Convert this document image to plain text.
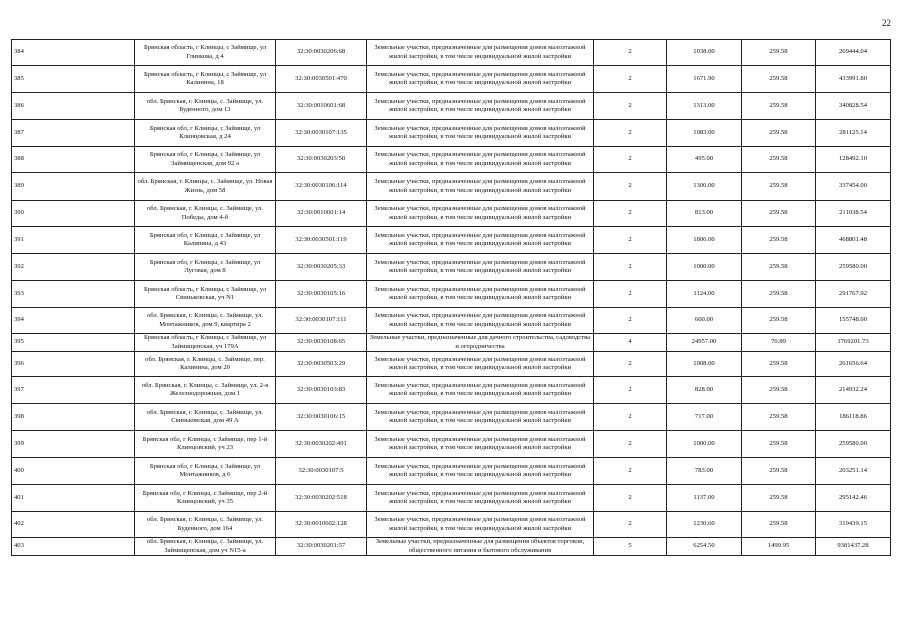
22
384	Брянская область, г Клинцы, с Займище, ул Глинкова, д 4	32:30:0030206:68	Земельные участки, предназначенные для размещения домов малоэтажной жилой застройки, в том числе индивидуальной жилой застройки	2	1038.00	259.58	269444.04
385	Брянская область, г Клинцы, с Займище, ул Калинина, 18	32:30:0030501:470	Земельные участки, предназначенные для размещения домов малоэтажной жилой застройки, в том числе индивидуальной жилой застройки	2	1671.90	259.58	433991.80
386	обл. Брянская, г. Клинцы, с. Займище, ул. Буденного, дом 13	32:30:0010601:68	Земельные участки, предназначенные для размещения домов малоэтажной жилой застройки, в том числе индивидуальной жилой застройки	2	1313.00	259.58	340828.54
387	Брянская обл, г Клинцы, с Займище, ул Клинцовская, д 24	32:30:0030107:135	Земельные участки, предназначенные для размещения домов малоэтажной жилой застройки, в том числе индивидуальной жилой застройки	2	1083.00	259.58	281125.14
388	Брянская обл, г Клинцы, с Займище, ул Займищенская, дом 92 а	32:30:0030203:50	Земельные участки, предназначенные для размещения домов малоэтажной жилой застройки, в том числе индивидуальной жилой застройки	2	495.00	259.58	128492.10
389	обл. Брянская, г. Клинцы, с. Займище, ул. Новая Жизнь, дом 58	32:30:0030106:114	Земельные участки, предназначенные для размещения домов малоэтажной жилой застройки, в том числе индивидуальной жилой застройки	2	1300.00	259.58	337454.00
390	обл. Брянская, г. Клинцы, с. Займище, ул. Победы, дом 4-б	32:30:0010601:14	Земельные участки, предназначенные для размещения домов малоэтажной жилой застройки, в том числе индивидуальной жилой застройки	2	813.00	259.58	211038.54
391	Брянская обл, г Клинцы, с Займище, ул Калинина, д 43	32:30:0030501:119	Земельные участки, предназначенные для размещения домов малоэтажной жилой застройки, в том числе индивидуальной жилой застройки	2	1806.00	259.58	468801.48
392	Брянская обл, г Клинцы, с Займище, ул Луговая, дом 8	32:30:0030205:33	Земельные участки, предназначенные для размещения домов малоэтажной жилой застройки, в том числе индивидуальной жилой застройки	2	1000.00	259.58	259580.00
393	Брянская область, г Клинцы, с Займище, ул Свиньковская, уч N1	32:30:0030105:16	Земельные участки, предназначенные для размещения домов малоэтажной жилой застройки, в том числе индивидуальной жилой застройки	2	1124.00	259.58	291767.92
394	обл. Брянская, г. Клинцы, с. Займище, ул. Монтажников, дом 9, квартира 2	32:30:0030107:111	Земельные участки, предназначенные для размещения домов малоэтажной жилой застройки, в том числе индивидуальной жилой застройки	2	600.00	259.58	155748.00
395	Брянская область, г Клинцы, с Займище, ул Займищенская, уч 179А	32:30:0030108:65	Земельные участки, предназначенные для дачного строительства, садоводства и огородничества	4	24957.00	70.89	1769201.73
396	обл. Брянская, г. Клинцы, с. Займище, пер. Калинина, дом 20	32:30:0030503:29	Земельные участки, предназначенные для размещения домов малоэтажной жилой застройки, в том числе индивидуальной жилой застройки	2	1008.00	259.58	261656.64
397	обл. Брянская, г. Клинцы, с. Займище, ул. 2-я Железнодорожная, дом 1	32:30:0030103:83	Земельные участки, предназначенные для размещения домов малоэтажной жилой застройки, в том числе индивидуальной жилой застройки	2	828.00	259.58	214932.24
398	обл. Брянская, г. Клинцы, с. Займище, ул. Свиньковская, дом 49 А	32:30:0030106:15	Земельные участки, предназначенные для размещения домов малоэтажной жилой застройки, в том числе индивидуальной жилой застройки	2	717.00	259.58	186118.86
399	Брянская обл, г Клинцы, с Займище, пер 1-й Клинцовский, уч 23	32:30:0030202:491	Земельные участки, предназначенные для размещения домов малоэтажной жилой застройки, в том числе индивидуальной жилой застройки	2	1000.00	259.58	259580.00
400	Брянская обл, г Клинцы, с Займище, ул Монтажников, д 6	32:30:0030107:5	Земельные участки, предназначенные для размещения домов малоэтажной жилой застройки, в том числе индивидуальной жилой застройки	2	783.00	259.58	203251.14
401	Брянская обл, г Клинцы, с Займище, пер 2-й Клинцовский, уч 35	32:30:0030202:518	Земельные участки, предназначенные для размещения домов малоэтажной жилой застройки, в том числе индивидуальной жилой застройки	2	1137.00	259.58	295142.46
402	обл. Брянская, г. Клинцы, с. Займище, ул. Буденного, дом 164	32:30:0010602:128	Земельные участки, предназначенные для размещения домов малоэтажной жилой застройки, в том числе индивидуальной жилой застройки	2	1230.60	259.58	319439.15
403	обл. Брянская, г. Клинцы, с. Займище, ул. Займищенская, дом уч N15-а	32:30:0030201:57	Земельные участки, предназначенные для размещения объектов торговли, общественного питания и бытового обслуживания	5	6254.50	1499.95	9381437.28
